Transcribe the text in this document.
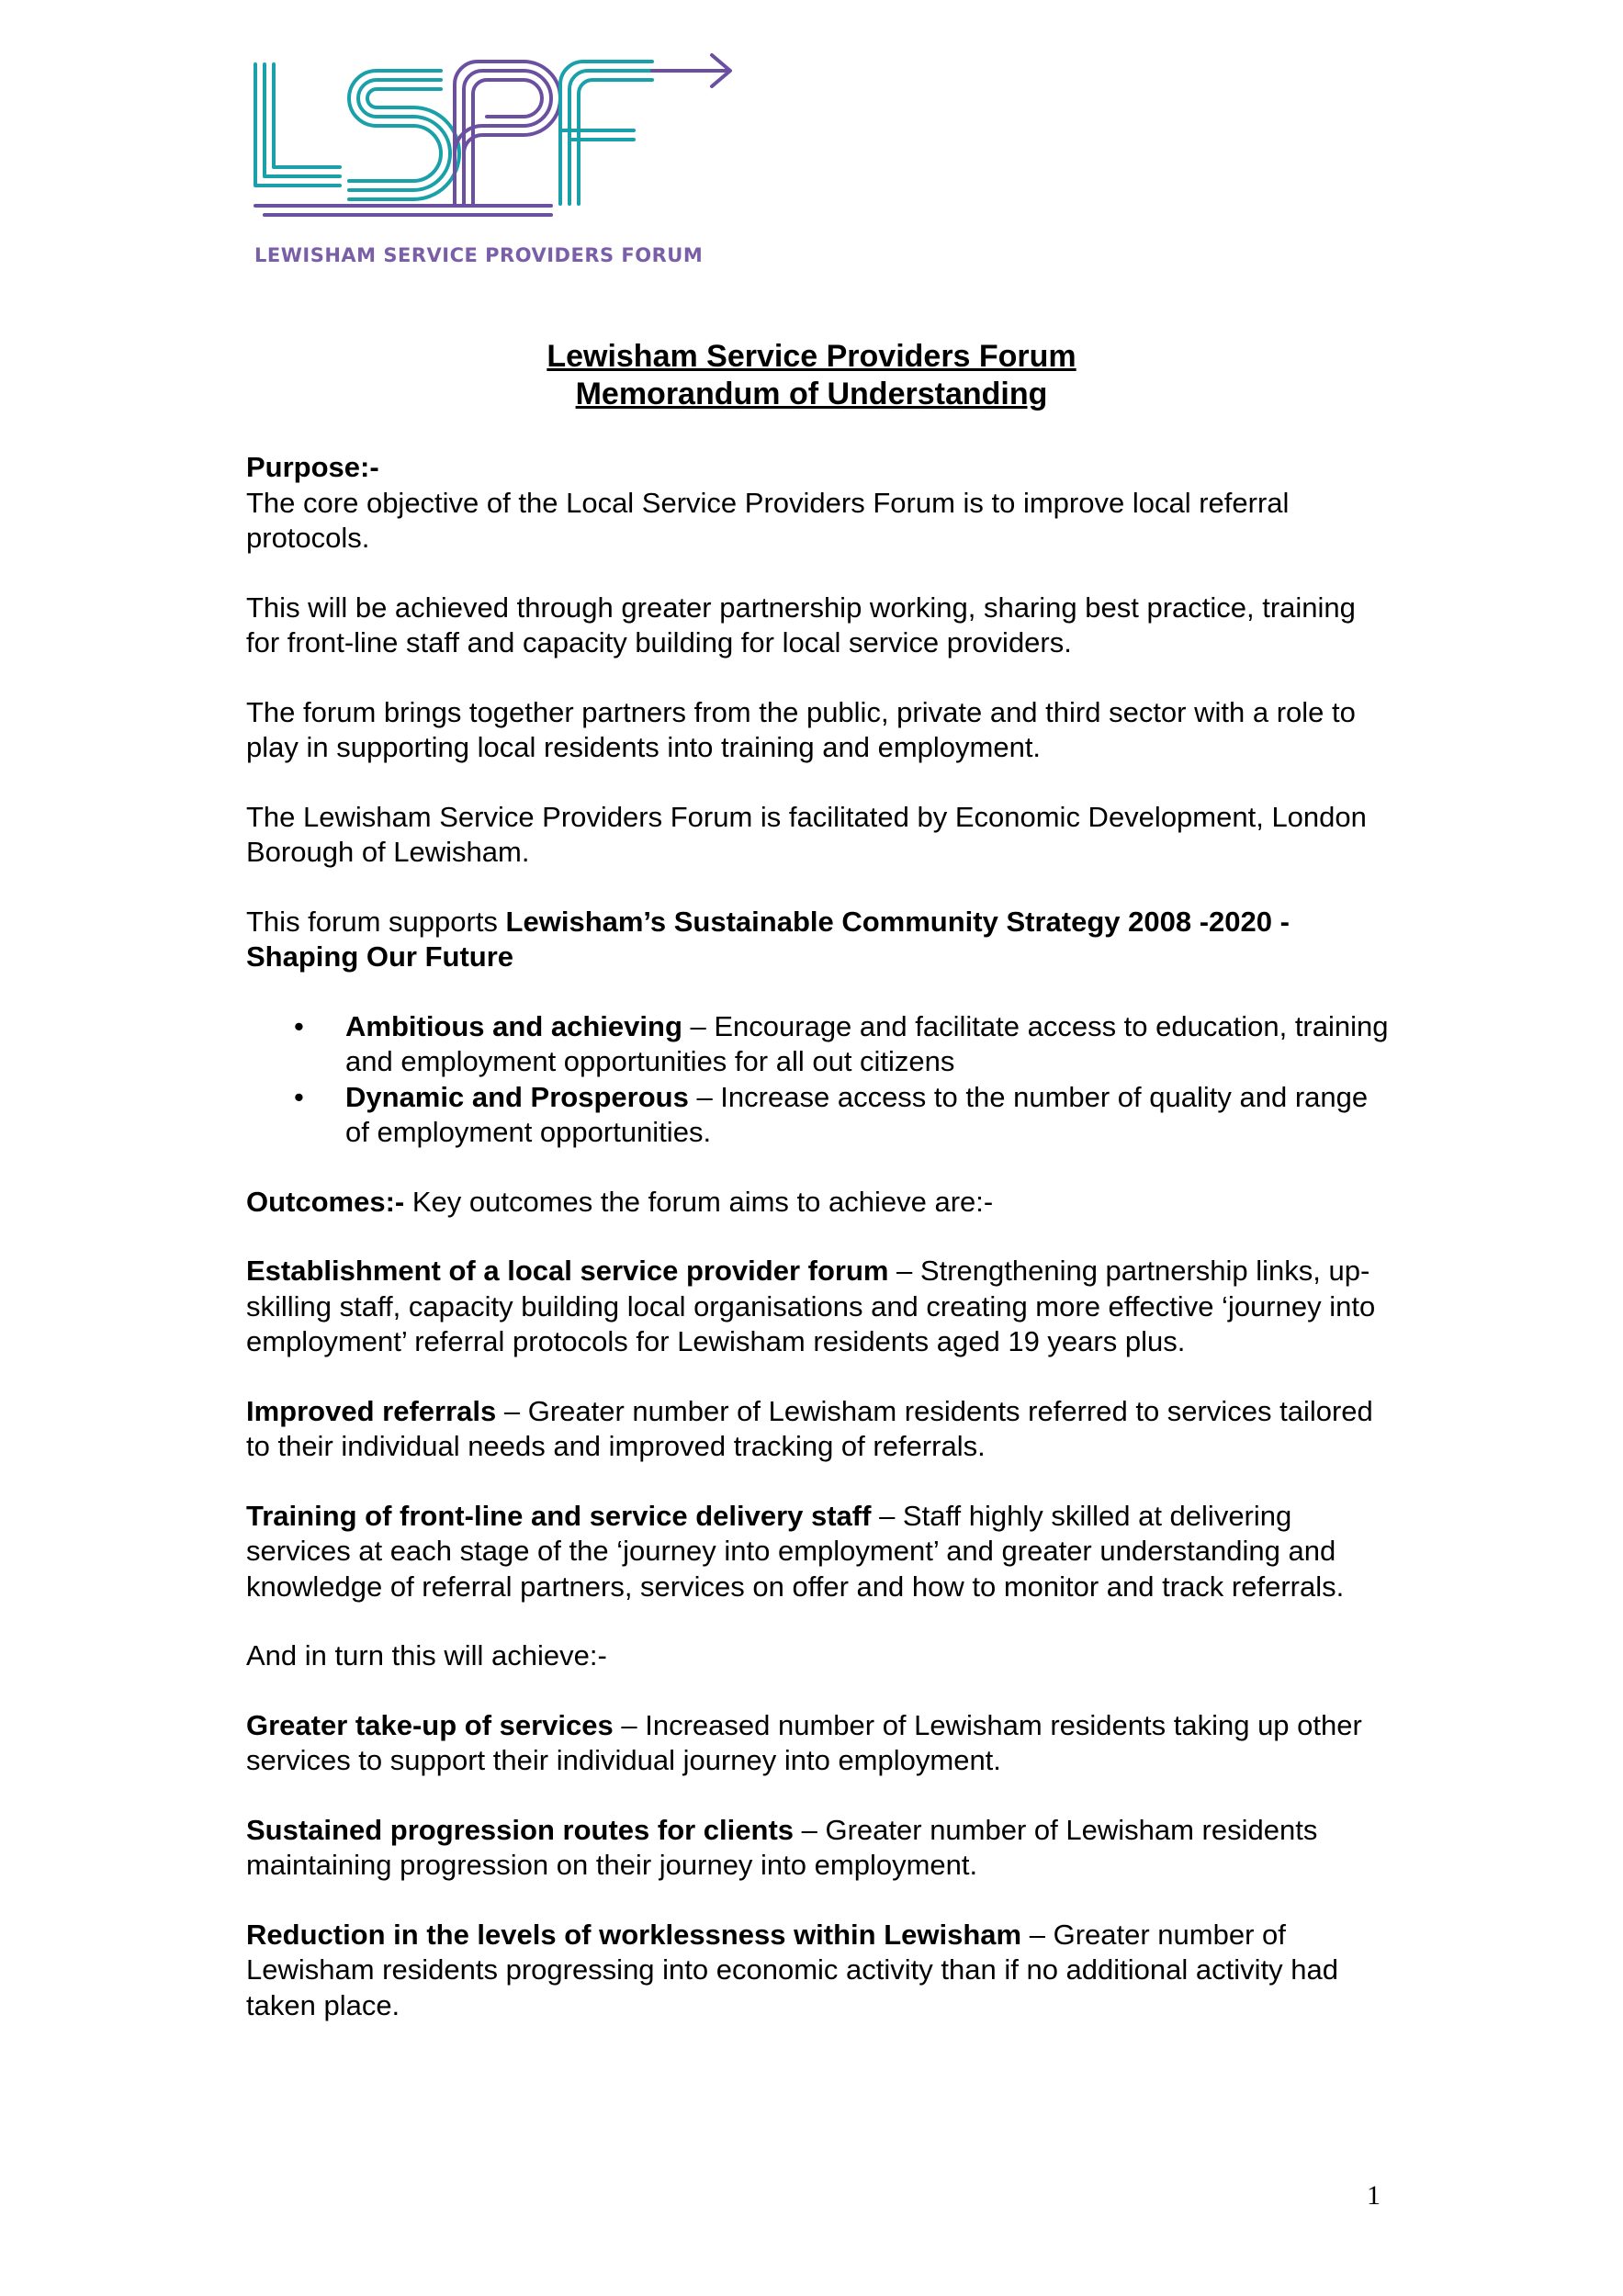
LEWISHAM SERVICE PROVIDERS FORUM
Lewisham Service Providers Forum
Memorandum of Understanding
Purpose:-

The core objective of the Local Service Providers Forum is to improve local referral protocols.

This will be achieved through greater partnership working, sharing best practice, training for front-line staff and capacity building for local service providers.

The forum brings together partners from the public, private and third sector with a role to play in supporting local residents into training and employment.

The Lewisham Service Providers Forum is facilitated by Economic Development, London Borough of Lewisham.

This forum supports Lewisham’s Sustainable Community Strategy 2008 -2020 - Shaping Our Future

• Ambitious and achieving – Encourage and facilitate access to education, training and employment opportunities for all out citizens
• Dynamic and Prosperous – Increase access to the number of quality and range of employment opportunities.

Outcomes:- Key outcomes the forum aims to achieve are:-

Establishment of a local service provider forum – Strengthening partnership links, up-skilling staff, capacity building local organisations and creating more effective ‘journey into employment’ referral protocols for Lewisham residents aged 19 years plus.

Improved referrals – Greater number of Lewisham residents referred to services tailored to their individual needs and improved tracking of referrals.

Training of front-line and service delivery staff – Staff highly skilled at delivering services at each stage of the ‘journey into employment’ and greater understanding and knowledge of referral partners, services on offer and how to monitor and track referrals.

And in turn this will achieve:-

Greater take-up of services – Increased number of Lewisham residents taking up other services to support their individual journey into employment.

Sustained progression routes for clients – Greater number of Lewisham residents maintaining progression on their journey into employment.

Reduction in the levels of worklessness within Lewisham – Greater number of Lewisham residents progressing into economic activity than if no additional activity had taken place.

1
